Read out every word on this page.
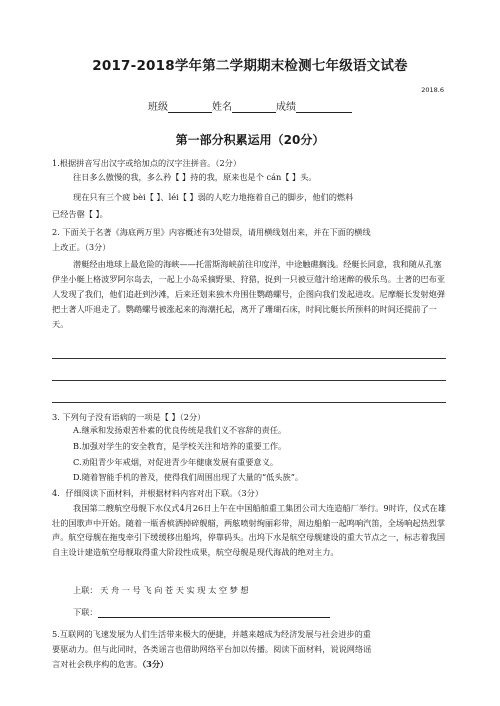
2017-2018学年第二学期期末检测七年级语文试卷
2018.6
班级	姓名	成绩
第一部分积累运用（20分）
1.根据拼音写出汉字或给加点的汉字注拼音。（2分）
往日多么傲慢的我，多么矜【 】持的我，原来也是个 cán【 】头。
现在只有三个疲 bèi【 】、léi【 】弱的人吃力地拖着自己的脚步，他们的燃料
已经告罄【 】。
2. 下面关于名著《海底两万里》内容概述有3处错误，请用横线划出来，并在下面的横线
上改正。（3分）
潜艇经由地球上最危险的海峡——托雷斯海峡前往印度洋，中途触礁搁浅。经艇长同意，我和随从孔塞伊坐小艇上格波罗阿尔岛去，一起上小岛采摘野果、狩猎，捉到一只被豆蔻汁给迷醉的极乐鸟。土著的巴布亚人发现了我们，他们追赶到沙滩，后来还划来独木舟围住鹦鹉螺号，企图向我们发起进攻。尼摩艇长发射炮弹把土著人吓退走了。鹦鹉螺号被涨起来的海潮托起，离开了珊瑚石床，时间比艇长所预料的时间还提前了一天。
3. 下列句子没有语病的一项是【 】（2分）
A.继承和发扬艰苦朴素的优良传统是我们义不容辞的责任。
B.加强对学生的安全教育，是学校关注和培养的重要工作。
C.劝阻青少年戒烟，对促进青少年健康发展有重要意义。
D.随着智能手机的普及，使得我们周围出现了大量的“低头族”。
4．仔细阅读下面材料，并根据材料内容对出下联。（3分）
我国第二艘航空母舰下水仪式4月26日上午在中国船舶重工集团公司大连造船厂举行。9时许，仪式在雄壮的国歌声中开始。随着一瓶香槟洒掉碎舰艏，两舷喷射绚丽彩带，周边船舶一起鸣响汽笛，全场响起热烈掌声。航空母舰在拖曳牵引下缓缓移出船坞，停靠码头。出坞下水是航空母舰建设的重大节点之一，标志着我国自主设计建造航空母舰取得重大阶段性成果，航空母舰是现代海战的绝对主力。
上联： 天 舟 一 号 飞 向 苍 天 实 现 太 空 梦 想
下联：
5.互联网的飞速发展为人们生活带来极大的便捷，并越来越成为经济发展与社会进步的重
要驱动力。但与此同时，各类谣言也借助网络平台加以传播。阅读下面材料，说说网络谣
言对社会秩序构的危害。（3分）
